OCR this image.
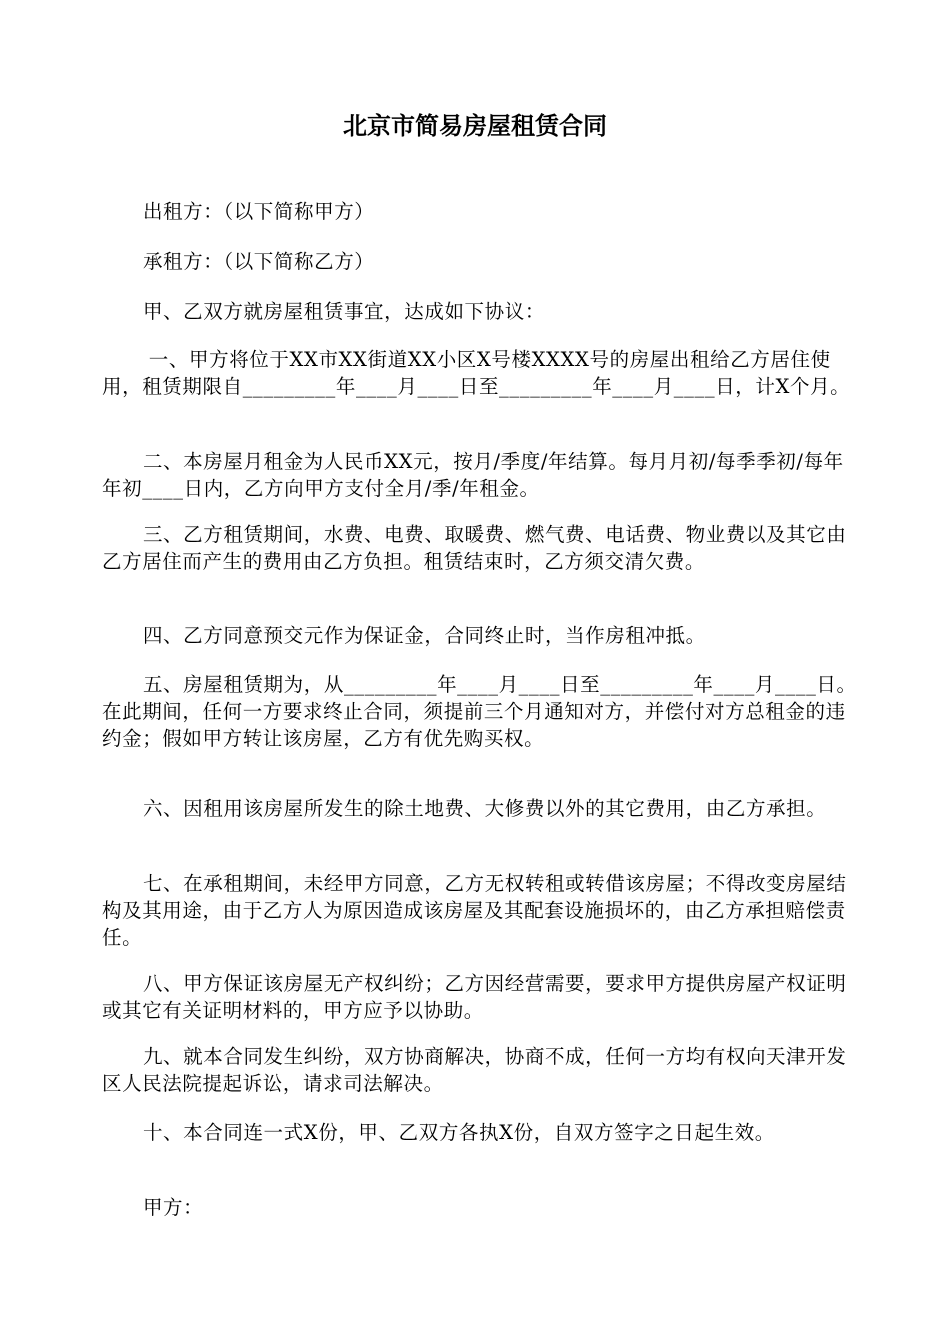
北京市简易房屋租赁合同
出租方：（以下简称甲方）
承租方：（以下简称乙方）
甲、乙双方就房屋租赁事宜，达成如下协议：
一、甲方将位于XX市XX街道XX小区X号楼XXXX号的房屋出租给乙方居住使用，租赁期限自_________年____月____日至_________年____月____日，计X个月。
二、本房屋月租金为人民币XX元，按月/季度/年结算。每月月初/每季季初/每年年初____日内，乙方向甲方支付全月/季/年租金。
三、乙方租赁期间，水费、电费、取暖费、燃气费、电话费、物业费以及其它由乙方居住而产生的费用由乙方负担。租赁结束时，乙方须交清欠费。
四、乙方同意预交元作为保证金，合同终止时，当作房租冲抵。
五、房屋租赁期为，从_________年____月____日至_________年____月____日。在此期间，任何一方要求终止合同，须提前三个月通知对方，并偿付对方总租金的违约金；假如甲方转让该房屋，乙方有优先购买权。
六、因租用该房屋所发生的除土地费、大修费以外的其它费用，由乙方承担。
七、在承租期间，未经甲方同意，乙方无权转租或转借该房屋；不得改变房屋结构及其用途，由于乙方人为原因造成该房屋及其配套设施损坏的，由乙方承担赔偿责任。
八、甲方保证该房屋无产权纠纷；乙方因经营需要，要求甲方提供房屋产权证明或其它有关证明材料的，甲方应予以协助。
九、就本合同发生纠纷，双方协商解决，协商不成，任何一方均有权向天津开发区人民法院提起诉讼，请求司法解决。
十、本合同连一式X份，甲、乙双方各执X份，自双方签字之日起生效。
甲方：
